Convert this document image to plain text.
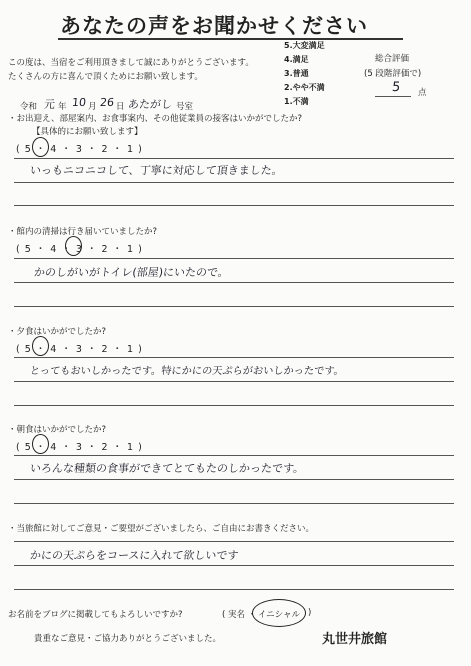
あなたの声をお聞かせください
この度は、当宿をご利用頂きまして誠にありがとうございます。
たくさんの方に喜んで頂くためにお願い致します。
5.大変満足
4.満足
3.普通
2.やや不満
1.不満
総合評価
(5 段階評価で)
5 点
令和 元 年 10 月 26 日 あたがし 号室
・お出迎え、部屋案内、お食事案内、その他従業員の接客はいかがでしたか?
【具体的にお願い致します】
( 5 ・ 4 ・ 3 ・ 2 ・ 1 )
いっもニコニコして、丁寧に対応して頂きました。
・館内の清掃は行き届いていましたか?
( 5 ・ 4 ・ 3 ・ 2 ・ 1 )
かのしがいがトイレ(部屋)にいたので。
・夕食はいかがでしたか?
( 5 ・ 4 ・ 3 ・ 2 ・ 1 )
とってもおいしかったです。特にかにの天ぷらがおいしかったです。
・朝食はいかがでしたか?
( 5 ・ 4 ・ 3 ・ 2 ・ 1 )
いろんな種類の食事ができてとてもたのしかったです。
・当旅館に対してご意見・ご要望がございましたら、ご自由にお書きください。
かにの天ぷらをコースに入れて欲しいです
お名前をブログに掲載してもよろしいですか?	( 実名 ・ イニシャル )
貴重なご意見・ご協力ありがとうございました。	丸世井旅館
